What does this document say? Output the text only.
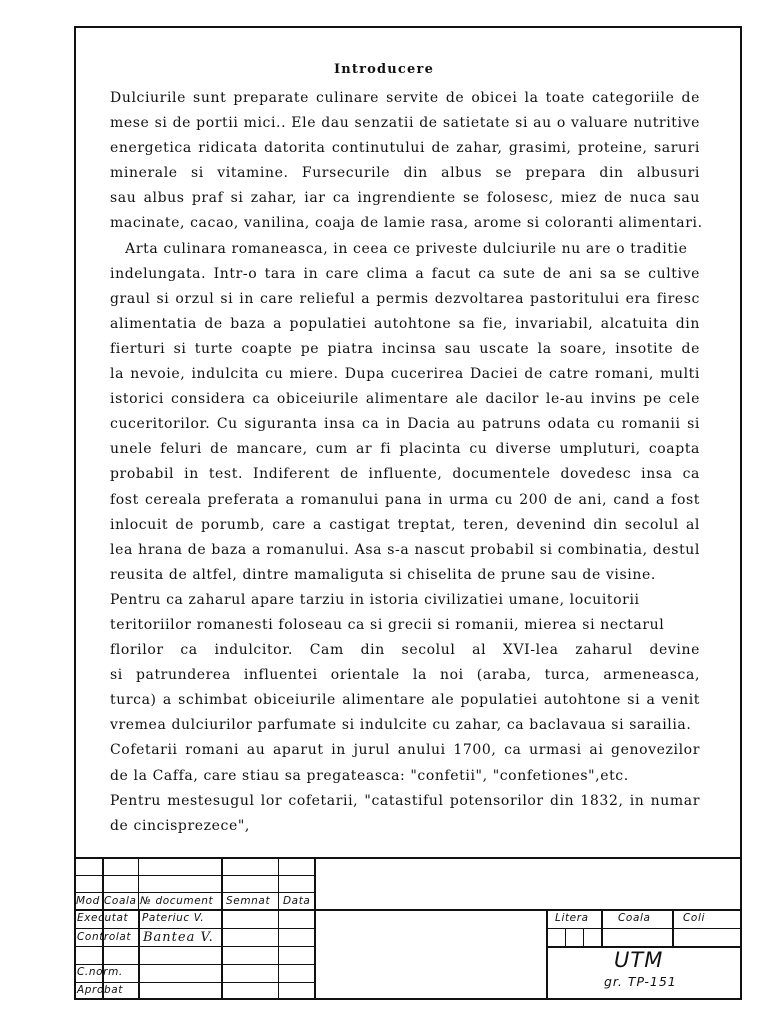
Introducere
Dulciurile sunt preparate culinare servite de obicei la toate categoriile de
mese si de portii mici.. Ele dau senzatii de satietate si au o valuare nutritive
energetica ridicata datorita continutului de zahar, grasimi, proteine, saruri
minerale si vitamine. Fursecurile din albus se prepara din albusuri
sau albus praf si zahar, iar ca ingrendiente se folosesc, miez de nuca sau
macinate, cacao, vanilina, coaja de lamie rasa, arome si coloranti alimentari.
Arta culinara romaneasca, in ceea ce priveste dulciurile nu are o traditie
indelungata. Intr-o tara in care clima a facut ca sute de ani sa se cultive
graul si orzul si in care relieful a permis dezvoltarea pastoritului era firesc
alimentatia de baza a populatiei autohtone sa fie, invariabil, alcatuita din
fierturi si turte coapte pe piatra incinsa sau uscate la soare, insotite de
la nevoie, indulcita cu miere. Dupa cucerirea Daciei de catre romani, multi
istorici considera ca obiceiurile alimentare ale dacilor le-au invins pe cele
cuceritorilor. Cu siguranta insa ca in Dacia au patruns odata cu romanii si
unele feluri de mancare, cum ar fi placinta cu diverse umpluturi, coapta
probabil in test. Indiferent de influente, documentele dovedesc insa ca
fost cereala preferata a romanului pana in urma cu 200 de ani, cand a fost
inlocuit de porumb, care a castigat treptat, teren, devenind din secolul al
lea hrana de baza a romanului. Asa s-a nascut probabil si combinatia, destul
reusita de altfel, dintre mamaliguta si chiselita de prune sau de visine.
Pentru ca zaharul apare tarziu in istoria civilizatiei umane, locuitorii
teritoriilor romanesti foloseau ca si grecii si romanii, mierea si nectarul
florilor ca indulcitor. Cam din secolul al XVI-lea zaharul devine
si patrunderea influentei orientale la noi (araba, turca, armeneasca,
turca) a schimbat obiceiurile alimentare ale populatiei autohtone si a venit
vremea dulciurilor parfumate si indulcite cu zahar, ca baclavaua si sarailia.
Cofetarii romani au aparut in jurul anului 1700, ca urmasi ai genovezilor
de la Caffa, care stiau sa pregateasca: "confetii", "confetiones",etc.
Pentru mestesugul lor cofetarii, "catastiful potensorilor din 1832, in numar
de cincisprezece",
Mod Coala № document Semnat Data
Executat Pateriuc V.
Controlat Bantea V.
C.norm.
Aprobat
Litera	Coala	Coli
UTM
gr. TP-151
